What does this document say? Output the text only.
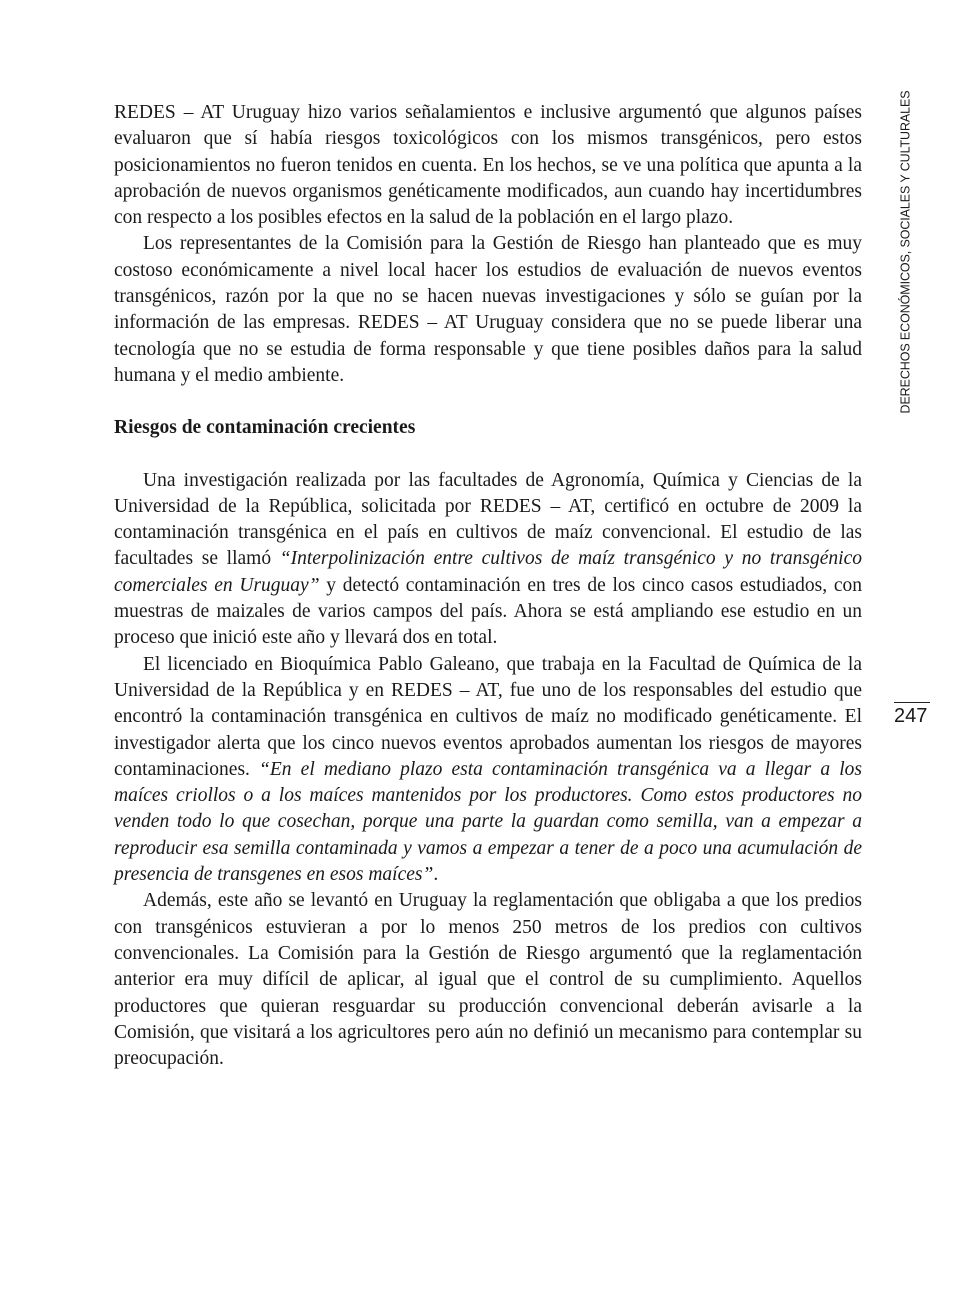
REDES – AT Uruguay hizo varios señalamientos e inclusive argumentó que algunos países evaluaron que sí había riesgos toxicológicos con los mismos transgénicos, pero estos posicionamientos no fueron tenidos en cuenta. En los hechos, se ve una política que apunta a la aprobación de nuevos organismos genéticamente modificados, aun cuando hay incertidumbres con respecto a los posibles efectos en la salud de la población en el largo plazo.

Los representantes de la Comisión para la Gestión de Riesgo han planteado que es muy costoso económicamente a nivel local hacer los estudios de evaluación de nuevos eventos transgénicos, razón por la que no se hacen nuevas investigaciones y sólo se guían por la información de las empresas. REDES – AT Uruguay considera que no se puede liberar una tecnología que no se estudia de forma responsable y que tiene posibles daños para la salud humana y el medio ambiente.

Riesgos de contaminación crecientes

Una investigación realizada por las facultades de Agronomía, Química y Ciencias de la Universidad de la República, solicitada por REDES – AT, certificó en octubre de 2009 la contaminación transgénica en el país en cultivos de maíz convencional. El estudio de las facultades se llamó “Interpolinización entre cultivos de maíz transgénico y no transgénico comerciales en Uruguay” y detectó contaminación en tres de los cinco casos estudiados, con muestras de maizales de varios campos del país. Ahora se está ampliando ese estudio en un proceso que inició este año y llevará dos en total.

El licenciado en Bioquímica Pablo Galeano, que trabaja en la Facultad de Química de la Universidad de la República y en REDES – AT, fue uno de los responsables del estudio que encontró la contaminación transgénica en cultivos de maíz no modificado genéticamente. El investigador alerta que los cinco nuevos eventos aprobados aumentan los riesgos de mayores contaminaciones. “En el mediano plazo esta contaminación transgénica va a llegar a los maíces criollos o a los maíces mantenidos por los productores. Como estos productores no venden todo lo que cosechan, porque una parte la guardan como semilla, van a empezar a reproducir esa semilla contaminada y vamos a empezar a tener de a poco una acumulación de presencia de transgenes en esos maíces”.

Además, este año se levantó en Uruguay la reglamentación que obligaba a que los predios con transgénicos estuvieran a por lo menos 250 metros de los predios con cultivos convencionales. La Comisión para la Gestión de Riesgo argumentó que la reglamentación anterior era muy difícil de aplicar, al igual que el control de su cumplimiento. Aquellos productores que quieran resguardar su producción convencional deberán avisarle a la Comisión, que visitará a los agricultores pero aún no definió un mecanismo para contemplar su preocupación.

DERECHOS ECONÓMICOS, SOCIALES Y CULTURALES
247
